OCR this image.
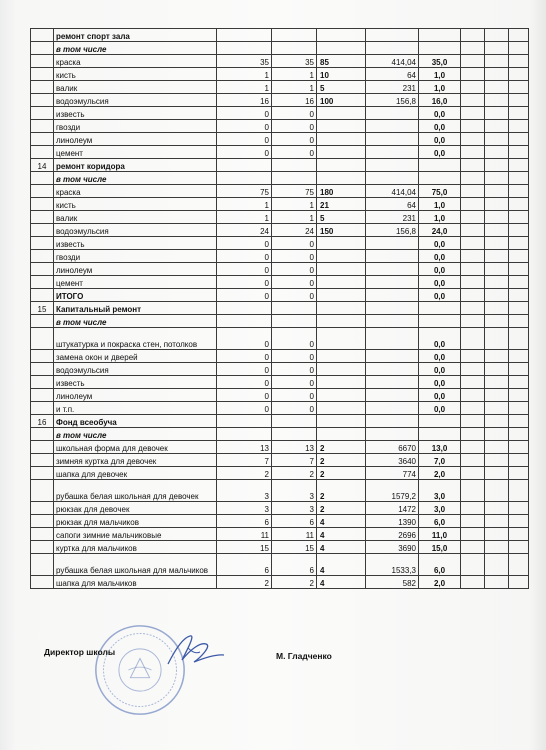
	ремонт спорт зала								
	в том числе								
	краска	35	35	85	414,04	35,0			
	кисть	1	1	10	64	1,0			
	валик	1	1	5	231	1,0			
	водоэмульсия	16	16	100	156,8	16,0			
	известь	0	0			0,0			
	гвозди	0	0			0,0			
	линолеум	0	0			0,0			
	цемент	0	0			0,0			
14	ремонт коридора								
	в том числе								
	краска	75	75	180	414,04	75,0			
	кисть	1	1	21	64	1,0			
	валик	1	1	5	231	1,0			
	водоэмульсия	24	24	150	156,8	24,0			
	известь	0	0			0,0			
	гвозди	0	0			0,0			
	линолеум	0	0			0,0			
	цемент	0	0			0,0			
	ИТОГО	0	0			0,0			
15	Капитальный ремонт								
	в том числе								
	штукатурка и покраска стен, потолков	0	0			0,0			
	замена окон и дверей	0	0			0,0			
	водоэмульсия	0	0			0,0			
	известь	0	0			0,0			
	линолеум	0	0			0,0			
	и т.п.	0	0			0,0			
16	Фонд всеобуча								
	в том числе								
	школьная форма для девочек	13	13	2	6670	13,0			
	зимняя куртка для девочек	7	7	2	3640	7,0			
	шапка для девочек	2	2	2	774	2,0			
	рубашка белая школьная для девочек	3	3	2	1579,2	3,0			
	рюкзак для девочек	3	3	2	1472	3,0			
	рюкзак для мальчиков	6	6	4	1390	6,0			
	сапоги зимние мальчиковые	11	11	4	2696	11,0			
	куртка для мальчиков	15	15	4	3690	15,0			
	рубашка белая школьная для мальчиков	6	6	4	1533,3	6,0			
	шапка для мальчиков	2	2	4	582	2,0			
Директор школы	М. Гладченко
